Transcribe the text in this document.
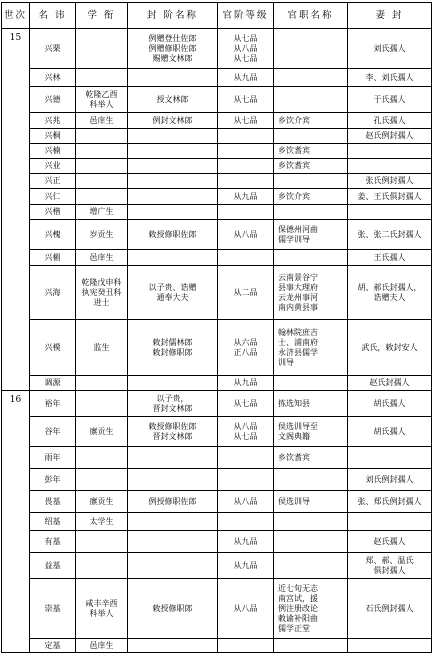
世次	名 讳	学 衔	封 阶名称	官阶等级	官职名称	妻 封
15	兴栗		例赠登仕佐郎
例赠修职佐郎
赐赠文林郎	从七品
从八品
从七品		刘氏孺人
	兴林			从九品		李、刘氏孺人
	兴德	乾隆乙酉
科举人	授文林郎	从七品		于氏孺人
	兴兆	邑庠生	例封文林郎	从七品	乡饮介宾	孔氏孺人
	兴桐					赵氏例封孺人
	兴楠				乡饮耆宾	
	兴业				乡饮耆宾	
	兴正					张氏例封孺人
	兴仁			从九品	乡饮介宾	姜、王氏俱封孺人
	兴楷	增广生				
	兴槐	岁贡生	敕授修职佐郎	从八品	保德州河曲
儒学训导	张、张二氏封孺人
	兴楣	邑庠生				王氏孺人
	兴海	乾隆戊申科
执宪癸丑科
进士	以子贵、诰赠
通奉大夫	从二品	云南景谷宁
县事大理府
云龙州事河
南内黄县事	胡、郝氏封孺人，
诰赠夫人
	兴模	监生	敕封儒林郎
敕封修职郎	从六品
正八品	翰林院庶吉
士、浦南府
永济县儒学
训导	武氏，敕封安人
	调源			从九品		赵氏封孺人
16	裕年		以子贵，
晋封文林郎	从七品	拣选知县	胡氏孺人
	谷年	廪贡生	敕授修职佐郎
晋封文林郎	从八品
从七品	侯选训导至
文阁典籍	胡氏孺人
	雨年				乡饮耆宾	
	彭年					刘氏例封孺人
	畏基	廪贡生	例授修职佐郎	从八品	侯选训导	张、郑氏例封孺人
	绍基	太学生				
	有基			从九品		赵氏孺人
	益基			从九品		郑、郝、温氏
俱封孺人
	崇基	咸丰辛酉
科举人	敕授修职郎	从八品	近七旬无志
南宫试，援
例注册改论
敕谕补阳曲
儒学正堂	石氏例封孺人
	定基	邑庠生				
